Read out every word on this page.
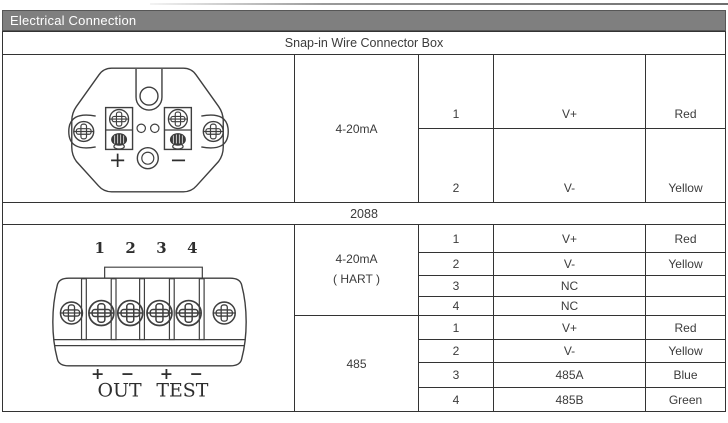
Electrical Connection
Snap-in Wire Connector Box
+ −
4-20mA
1	V+	Red
2	V-	Yellow
2088
1 2 3 4
+ − + −
OUT TEST
4-20mA
( HART )
1	V+	Red
2	V-	Yellow
3	NC
4	NC
485
1	V+	Red
2	V-	Yellow
3	485A	Blue
4	485B	Green
